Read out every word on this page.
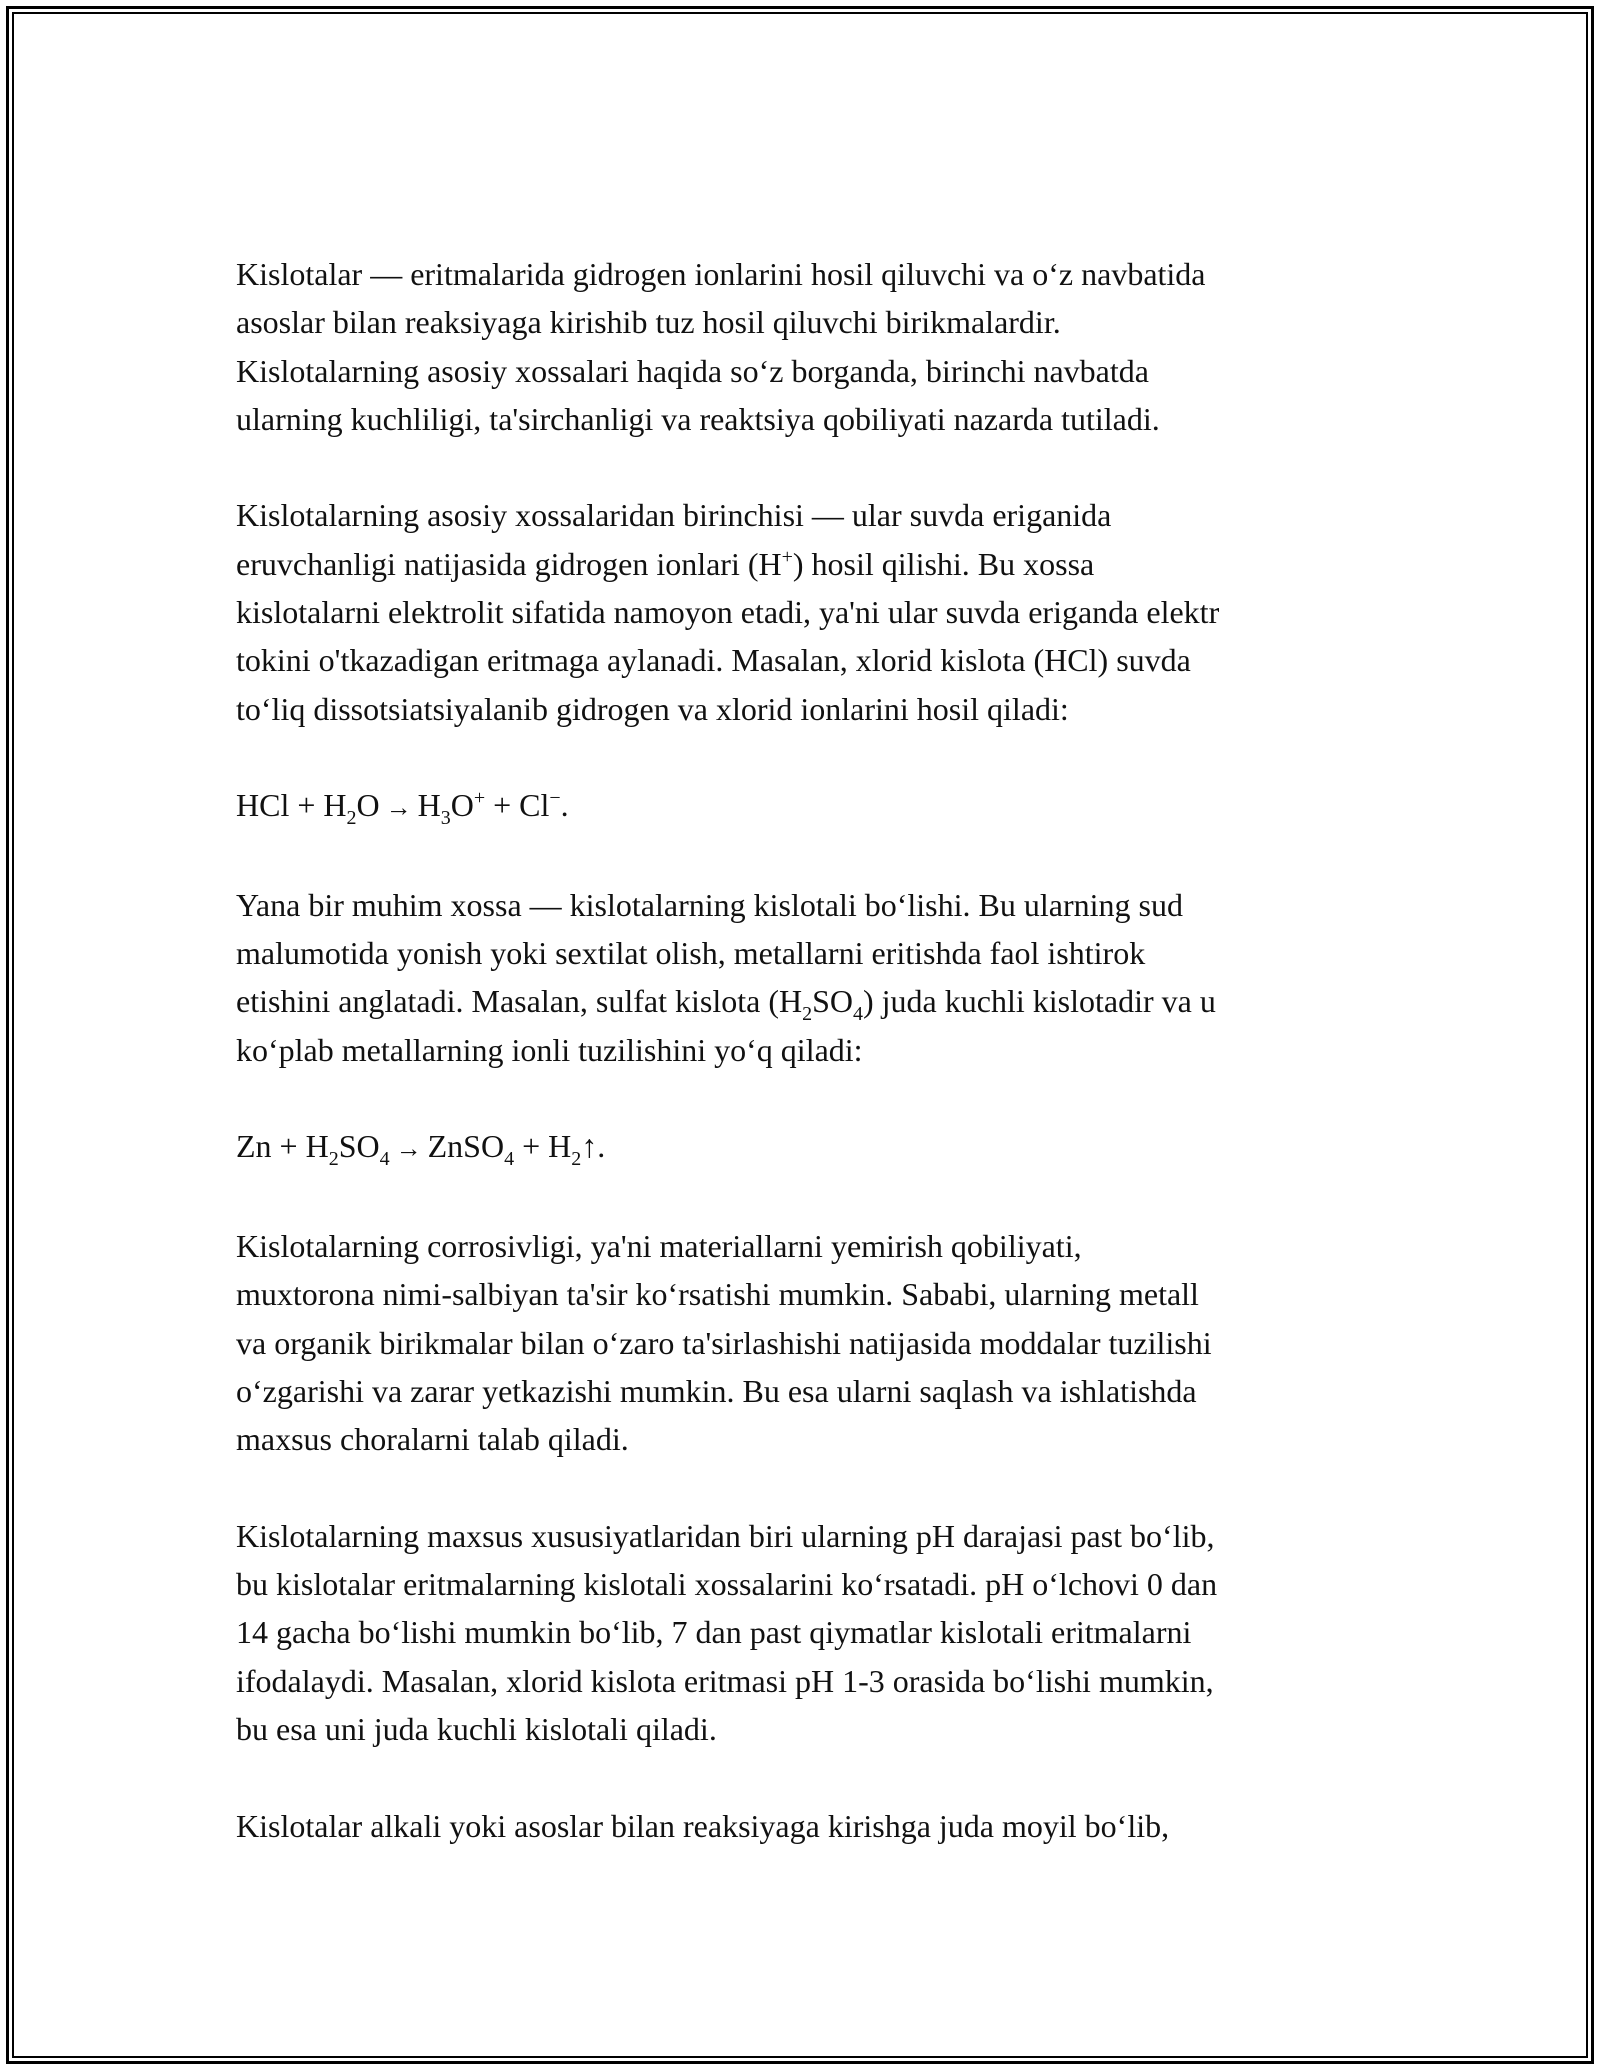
Kislotalar — eritmalarida gidrogen ionlarini hosil qiluvchi va o‘z navbatida
asoslar bilan reaksiyaga kirishib tuz hosil qiluvchi birikmalardir.
Kislotalarning asosiy xossalari haqida so‘z borganda, birinchi navbatda
ularning kuchliligi, ta'sirchanligi va reaktsiya qobiliyati nazarda tutiladi.

Kislotalarning asosiy xossalaridan birinchisi — ular suvda eriganida
eruvchanligi natijasida gidrogen ionlari (H+) hosil qilishi. Bu xossa
kislotalarni elektrolit sifatida namoyon etadi, ya'ni ular suvda eriganda elektr
tokini o'tkazadigan eritmaga aylanadi. Masalan, xlorid kislota (HCl) suvda
to‘liq dissotsiatsiyalanib gidrogen va xlorid ionlarini hosil qiladi:

HCl + $H_2O \to H_3O^+ + Cl^-$.

Yana bir muhim xossa — kislotalarning kislotali bo‘lishi. Bu ularning sud
malumotida yonish yoki sextilat olish, metallarni eritishda faol ishtirok
etishini anglatadi. Masalan, sulfat kislota $(H_2SO_4)$ juda kuchli kislotadir va u
ko‘plab metallarning ionli tuzilishini yo‘q qiladi:

$Zn + H_2SO_4$ → ZnSO$_4$ + $H_2↑$.

Kislotalarning corrosivligi, ya'ni materiallarni yemirish qobiliyati,
muxtorona nimi-salbiyan ta'sir ko‘rsatishi mumkin. Sababi, ularning metall
va organik birikmalar bilan o‘zaro ta'sirlashishi natijasida moddalar tuzilishi
o‘zgarishi va zarar yetkazishi mumkin. Bu esa ularni saqlash va ishlatishda
maxsus choralarni talab qiladi.

Kislotalarning maxsus xususiyatlaridan biri ularning pH darajasi past bo‘lib,
bu kislotalar eritmalarning kislotali xossalarini ko‘rsatadi. pH o‘lchovi 0 dan
14 gacha bo‘lishi mumkin bo‘lib, 7 dan past qiymatlar kislotali eritmalarni
ifodalaydi. Masalan, xlorid kislota eritmasi pH 1-3 orasida bo‘lishi mumkin,
bu esa uni juda kuchli kislotali qiladi.

Kislotalar alkali yoki asoslar bilan reaksiyaga kirishga juda moyil bo‘lib,
